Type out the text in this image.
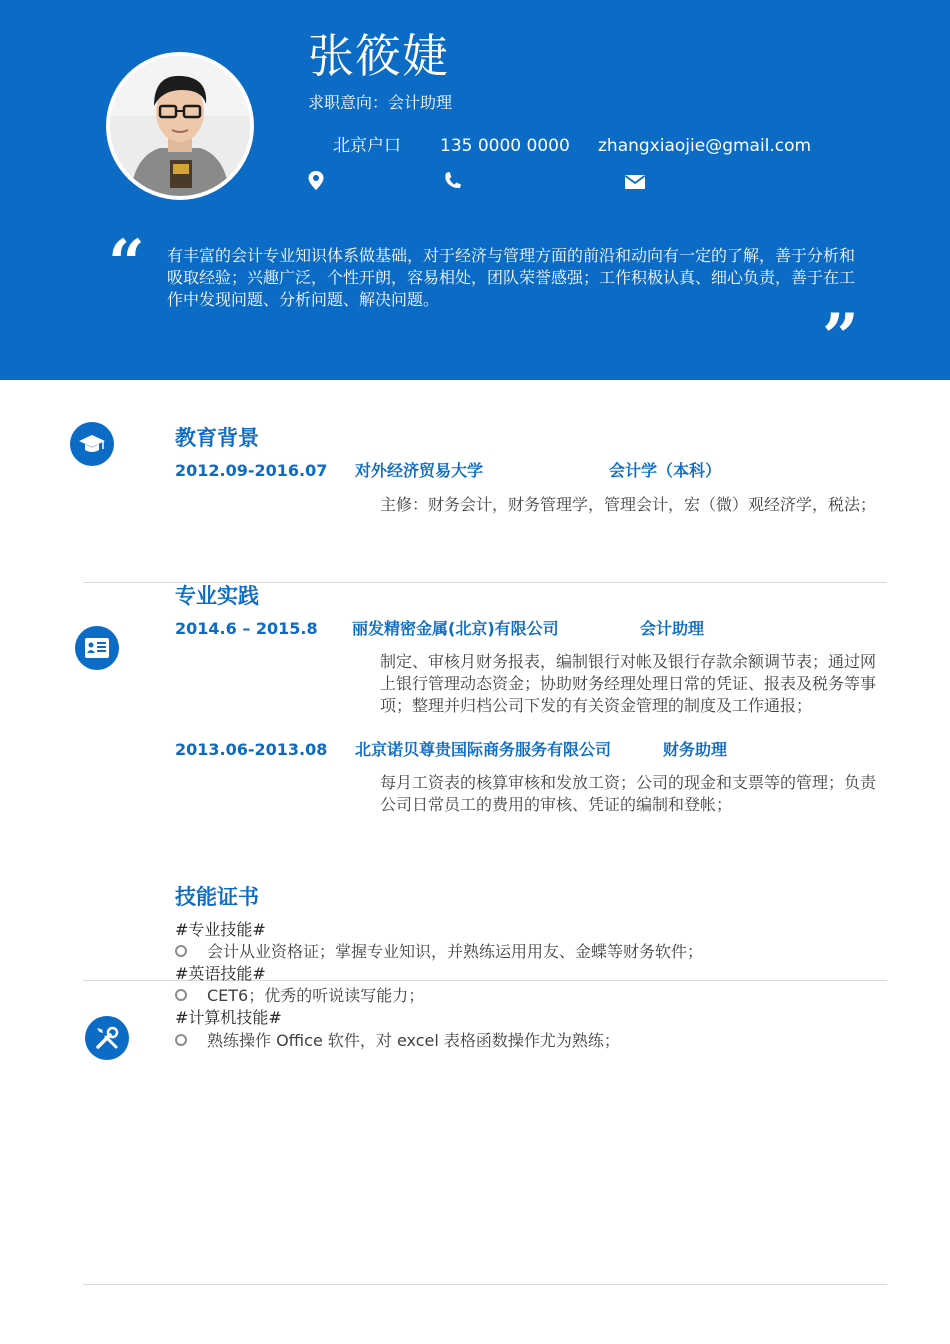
张筱婕
求职意向：会计助理
北京户口 135 0000 0000 zhangxiaojie@gmail.com
“ 有丰富的会计专业知识体系做基础，对于经济与管理方面的前沿和动向有一定的了解，善于分析和吸取经验；兴趣广泛，个性开朗，容易相处，团队荣誉感强；工作积极认真、细心负责，善于在工作中发现问题、分析问题、解决问题。
”
教育背景
2012.09-2016.07 对外经济贸易大学	会计学（本科）
主修：财务会计，财务管理学，管理会计，宏（微）观经济学，税法；
专业实践
2014.6 – 2015.8 丽发精密金属(北京)有限公司	会计助理
制定、审核月财务报表，编制银行对帐及银行存款余额调节表；通过网上银行管理动态资金；协助财务经理处理日常的凭证、报表及税务等事项；整理并归档公司下发的有关资金管理的制度及工作通报；
2013.06-2013.08 北京诺贝尊贵国际商务服务有限公司	财务助理
每月工资表的核算审核和发放工资；公司的现金和支票等的管理；负责公司日常员工的费用的审核、凭证的编制和登帐；
技能证书
#专业技能#
会计从业资格证；掌握专业知识，并熟练运用用友、金蝶等财务软件；
#英语技能#
CET6；优秀的听说读写能力；
#计算机技能#
熟练操作 Office 软件，对 excel 表格函数操作尤为熟练；
